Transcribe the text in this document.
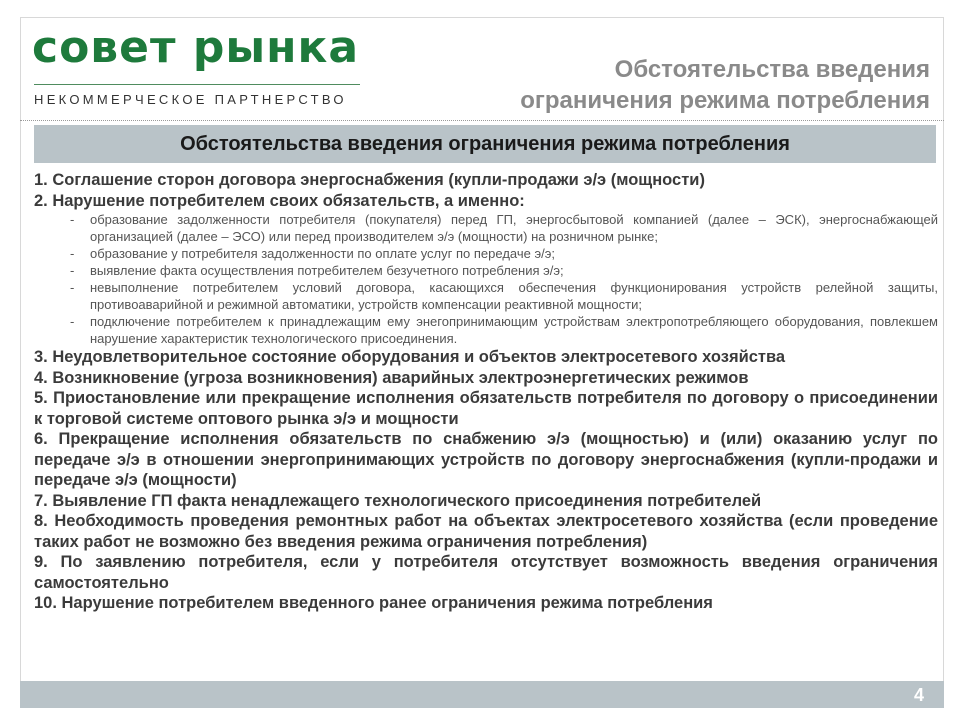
совет рынка
НЕКОММЕРЧЕСКОЕ ПАРТНЕРСТВО
Обстоятельства введения
ограничения режима потребления
Обстоятельства введения ограничения режима потребления

1. Соглашение сторон договора энергоснабжения (купли-продажи э/э (мощности)

2. Нарушение потребителем своих обязательств, а именно:

- образование задолженности потребителя (покупателя) перед ГП, энергосбытовой компанией (далее – ЭСК), энергоснабжающей организацией (далее – ЭСО) или перед производителем э/э (мощности) на розничном рынке;
- образование у потребителя задолженности по оплате услуг по передаче э/э;
- выявление факта осуществления потребителем безучетного потребления э/э;
- невыполнение потребителем условий договора, касающихся обеспечения функционирования устройств релейной защиты, противоаварийной и режимной автоматики, устройств компенсации реактивной мощности;
- подключение потребителем к принадлежащим ему энегопринимающим устройствам электропотребляющего оборудования, повлекшем нарушение характеристик технологического присоединения.

3. Неудовлетворительное состояние оборудования и объектов электросетевого хозяйства

4. Возникновение (угроза возникновения) аварийных электроэнергетических режимов

5. Приостановление или прекращение исполнения обязательств потребителя по договору о присоединении к торговой системе оптового рынка э/э и мощности

6. Прекращение исполнения обязательств по снабжению э/э (мощностью) и (или) оказанию услуг по передаче э/э в отношении энергопринимающих устройств по договору энергоснабжения (купли-продажи и передаче э/э (мощности)

7. Выявление ГП факта ненадлежащего технологического присоединения потребителей

8. Необходимость проведения ремонтных работ на объектах электросетевого хозяйства (если проведение таких работ не возможно без введения режима ограничения потребления)

9. По заявлению потребителя, если у потребителя отсутствует возможность введения ограничения самостоятельно

10. Нарушение потребителем введенного ранее ограничения режима потребления

4
